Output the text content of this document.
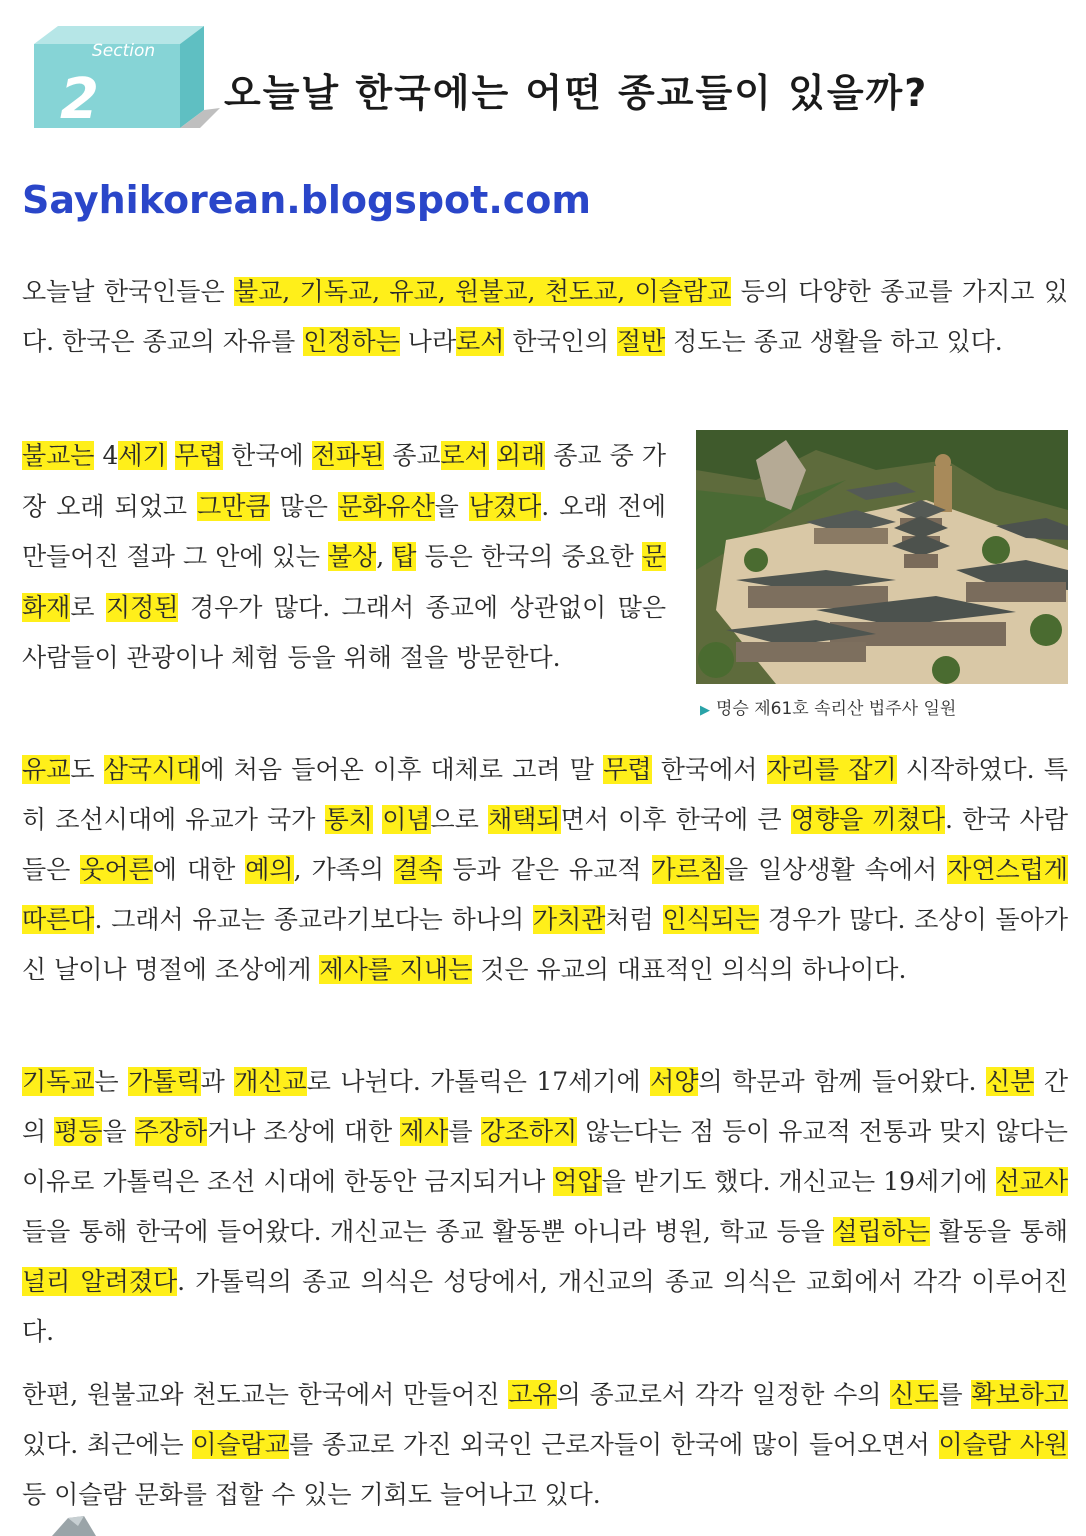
Section
2	오늘날 한국에는 어떤 종교들이 있을까?

Sayhikorean.blogspot.com

오늘날 한국인들은 불교, 기독교, 유교, 원불교, 천도교, 이슬람교 등의 다양한 종교를 가지고 있다. 한국은 종교의 자유를 인정하는 나라로서 한국인의 절반 정도는 종교 생활을 하고 있다.

불교는 4세기 무렵 한국에 전파된 종교로서 외래 종교 중 가장 오래 되었고 그만큼 많은 문화유산을 남겼다. 오래 전에 만들어진 절과 그 안에 있는 불상, 탑 등은 한국의 중요한 문화재로 지정된 경우가 많다. 그래서 종교에 상관없이 많은 사람들이 관광이나 체험 등을 위해 절을 방문한다.

▶ 명승 제61호 속리산 법주사 일원

유교도 삼국시대에 처음 들어온 이후 대체로 고려 말 무렵 한국에서 자리를 잡기 시작하였다. 특히 조선시대에 유교가 국가 통치 이념으로 채택되면서 이후 한국에 큰 영향을 끼쳤다. 한국 사람들은 웃어른에 대한 예의, 가족의 결속 등과 같은 유교적 가르침을 일상생활 속에서 자연스럽게 따른다. 그래서 유교는 종교라기보다는 하나의 가치관처럼 인식되는 경우가 많다. 조상이 돌아가신 날이나 명절에 조상에게 제사를 지내는 것은 유교의 대표적인 의식의 하나이다.

기독교는 가톨릭과 개신교로 나뉜다. 가톨릭은 17세기에 서양의 학문과 함께 들어왔다. 신분 간의 평등을 주장하거나 조상에 대한 제사를 강조하지 않는다는 점 등이 유교적 전통과 맞지 않다는 이유로 가톨릭은 조선 시대에 한동안 금지되거나 억압을 받기도 했다. 개신교는 19세기에 선교사들을 통해 한국에 들어왔다. 개신교는 종교 활동뿐 아니라 병원, 학교 등을 설립하는 활동을 통해 널리 알려졌다. 가톨릭의 종교 의식은 성당에서, 개신교의 종교 의식은 교회에서 각각 이루어진다.

한편, 원불교와 천도교는 한국에서 만들어진 고유의 종교로서 각각 일정한 수의 신도를 확보하고 있다. 최근에는 이슬람교를 종교로 가진 외국인 근로자들이 한국에 많이 들어오면서 이슬람 사원 등 이슬람 문화를 접할 수 있는 기회도 늘어나고 있다.
